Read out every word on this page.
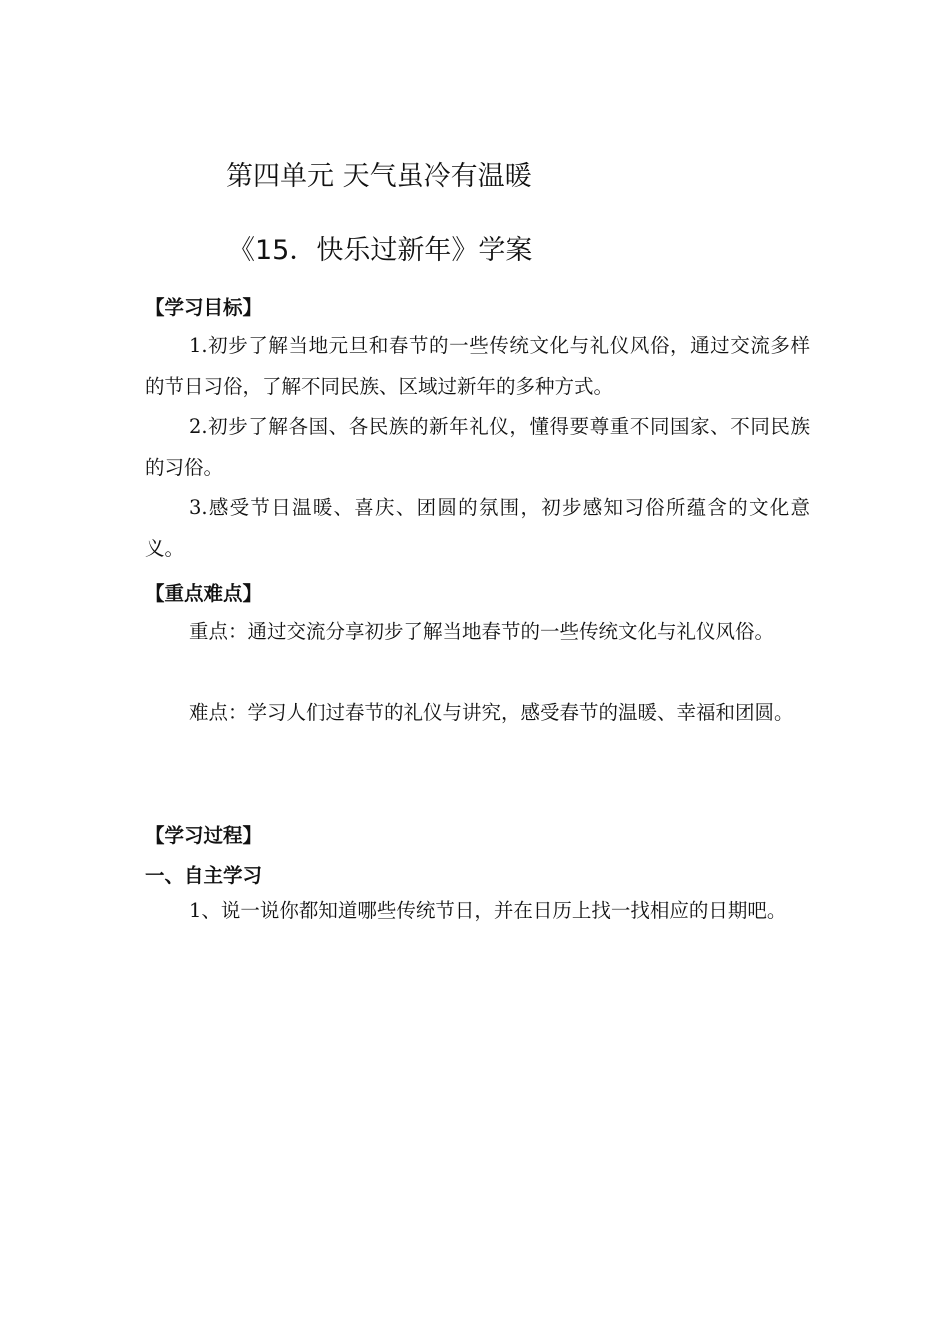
第四单元 天气虽冷有温暖
《15．快乐过新年》学案
【学习目标】

1.初步了解当地元旦和春节的一些传统文化与礼仪风俗，通过交流多样的节日习俗，了解不同民族、区域过新年的多种方式。

2.初步了解各国、各民族的新年礼仪，懂得要尊重不同国家、不同民族的习俗。

3.感受节日温暖、喜庆、团圆的氛围，初步感知习俗所蕴含的文化意义。

【重点难点】

重点：通过交流分享初步了解当地春节的一些传统文化与礼仪风俗。

难点：学习人们过春节的礼仪与讲究，感受春节的温暖、幸福和团圆。

【学习过程】
一、自主学习

1、说一说你都知道哪些传统节日，并在日历上找一找相应的日期吧。
